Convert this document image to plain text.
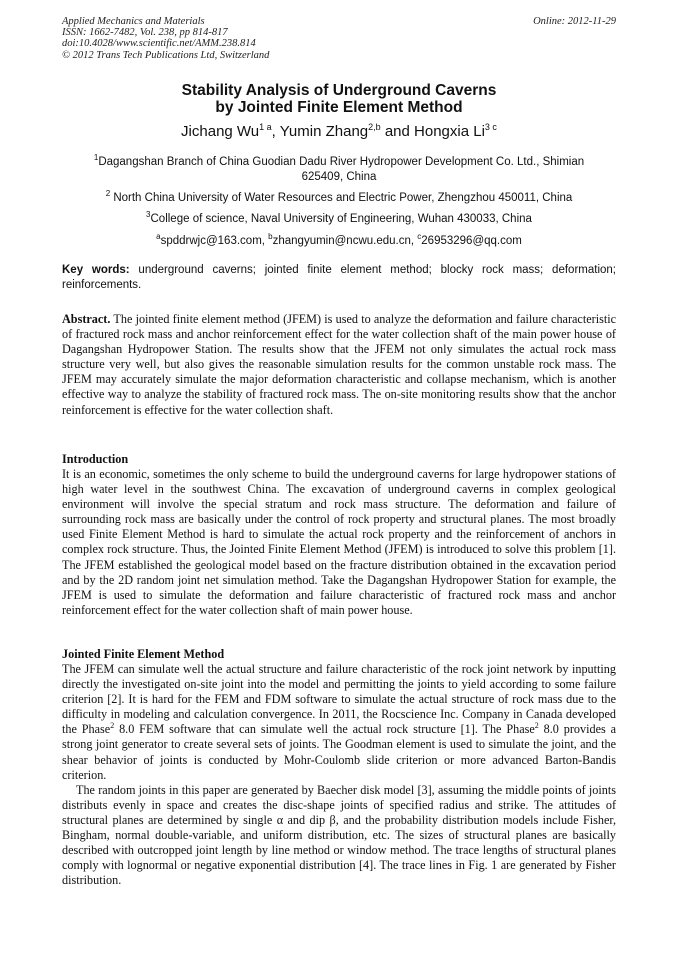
Applied Mechanics and Materials
ISSN: 1662-7482, Vol. 238, pp 814-817
doi:10.4028/www.scientific.net/AMM.238.814
© 2012 Trans Tech Publications Ltd, Switzerland
Online: 2012-11-29
Stability Analysis of Underground Caverns
by Jointed Finite Element Method
Jichang $Wu^{1 a}$, Yumin Zhang$^{2,b}$ and Hongxia $Li^{3 c}$
$^1$Dagangshan Branch of China Guodian Dadu River Hydropower Development Co. Ltd., Shimian
625409, China
$^2$ North China University of Water Resources and Electric Power, Zhengzhou 450011, China
$^3$College of science, Naval University of Engineering, Wuhan 430033, China
$^a$spddrwjc@163.com, $^b$zhangyumin@ncwu.edu.cn, $^c$26953296@qq.com
Key words: underground caverns; jointed finite element method; blocky rock mass; deformation; reinforcements.
Abstract. The jointed finite element method (JFEM) is used to analyze the deformation and failure characteristic of fractured rock mass and anchor reinforcement effect for the water collection shaft of the main power house of Dagangshan Hydropower Station. The results show that the JFEM not only simulates the actual rock mass structure very well, but also gives the reasonable simulation results for the common unstable rock mass. The JFEM may accurately simulate the major deformation characteristic and collapse mechanism, which is another effective way to analyze the stability of fractured rock mass. The on-site monitoring results show that the anchor reinforcement is effective for the water collection shaft.
Introduction
It is an economic, sometimes the only scheme to build the underground caverns for large hydropower stations of high water level in the southwest China. The excavation of underground caverns in complex geological environment will involve the special stratum and rock mass structure. The deformation and failure of surrounding rock mass are basically under the control of rock property and structural planes. The most broadly used Finite Element Method is hard to simulate the actual rock property and the reinforcement of anchors in complex rock structure. Thus, the Jointed Finite Element Method (JFEM) is introduced to solve this problem [1]. The JFEM established the geological model based on the fracture distribution obtained in the excavation period and by the 2D random joint net simulation method. Take the Dagangshan Hydropower Station for example, the JFEM is used to simulate the deformation and failure characteristic of fractured rock mass and anchor reinforcement effect for the water collection shaft of main power house.
Jointed Finite Element Method
The JFEM can simulate well the actual structure and failure characteristic of the rock joint network by inputting directly the investigated on-site joint into the model and permitting the joints to yield according to some failure criterion [2]. It is hard for the FEM and FDM software to simulate the actual structure of rock mass due to the difficulty in modeling and calculation convergence. In 2011, the Rocscience Inc. Company in Canada developed the Phase$^2$ 8.0 FEM software that can simulate well the actual rock structure [1]. The Phase$^2$ 8.0 provides a strong joint generator to create several sets of joints. The Goodman element is used to simulate the joint, and the shear behavior of joints is conducted by Mohr-Coulomb slide criterion or more advanced Barton-Bandis criterion.
The random joints in this paper are generated by Baecher disk model [3], assuming the middle points of joints distributs evenly in space and creates the disc-shape joints of specified radius and strike. The attitudes of structural planes are determined by single α and dip β, and the probability distribution models include Fisher, Bingham, normal double-variable, and uniform distribution, etc. The sizes of structural planes are basically described with outcropped joint length by line method or window method. The trace lengths of structural planes comply with lognormal or negative exponential distribution [4]. The trace lines in Fig. 1 are generated by Fisher distribution.
